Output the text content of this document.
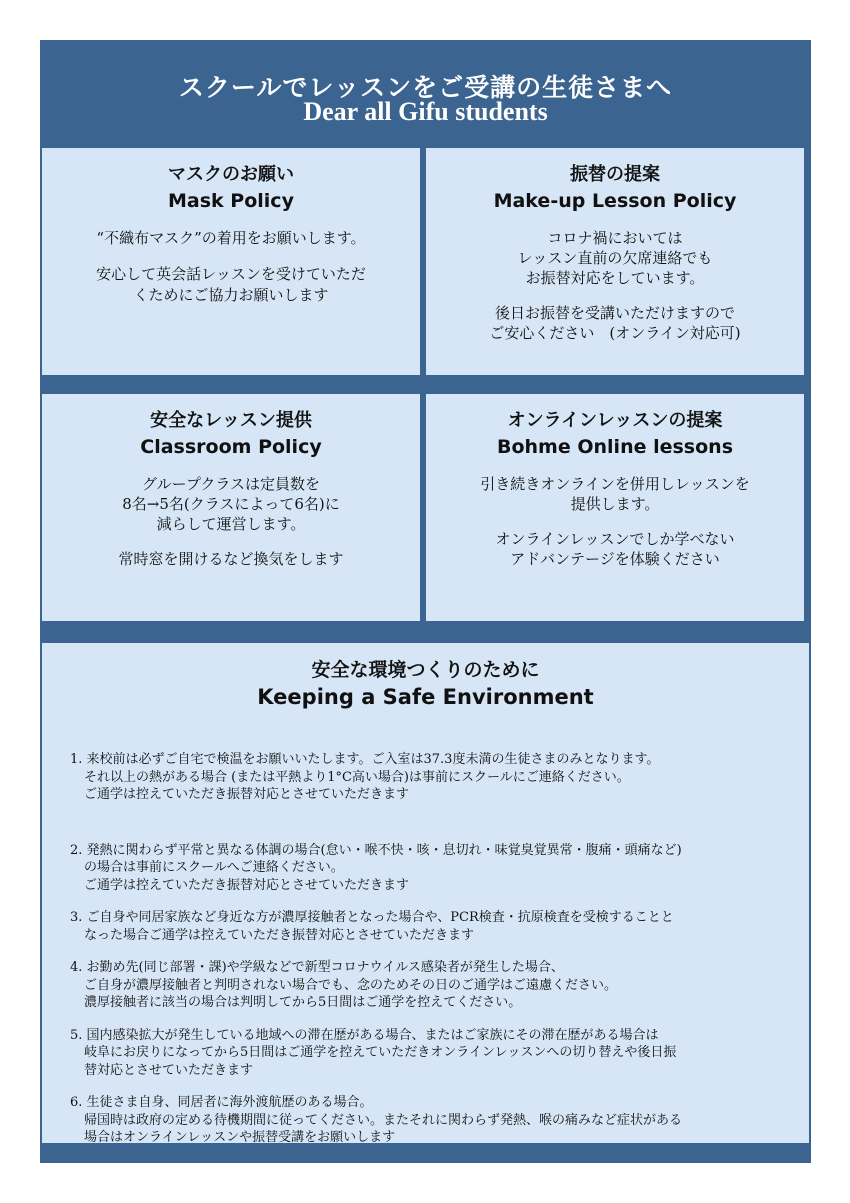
スクールでレッスンをご受講の生徒さまへ
Dear all Gifu students
マスクのお願い
Mask Policy

“不織布マスク”の着用をお願いします。

安心して英会話レッスンを受けていただ
くためにご協力お願いします

振替の提案
Make-up Lesson Policy

コロナ禍においては
レッスン直前の欠席連絡でも
お振替対応をしています。

後日お振替を受講いただけますので
ご安心ください　(オンライン対応可)

安全なレッスン提供
Classroom Policy

グループクラスは定員数を
8名→5名(クラスによって6名)に
減らして運営します。

常時窓を開けるなど換気をします

オンラインレッスンの提案
Bohme Online lessons

引き続きオンラインを併用しレッスンを
提供します。

オンラインレッスンでしか学べない
アドバンテージを体験ください

安全な環境つくりのために
Keeping a Safe Environment
1. 来校前は必ずご自宅で検温をお願いいたします。ご入室は37.3度未満の生徒さまのみとなります。
それ以上の熱がある場合 (または平熱より1°C高い場合)は事前にスクールにご連絡ください。
ご通学は控えていただき振替対応とさせていただきます
2. 発熱に関わらず平常と異なる体調の場合(怠い・喉不快・咳・息切れ・味覚臭覚異常・腹痛・頭痛など)
の場合は事前にスクールへご連絡ください。
ご通学は控えていただき振替対応とさせていただきます
3. ご自身や同居家族など身近な方が濃厚接触者となった場合や、PCR検査・抗原検査を受検することと
なった場合ご通学は控えていただき振替対応とさせていただきます
4. お勤め先(同じ部署・課)や学級などで新型コロナウイルス感染者が発生した場合、
ご自身が濃厚接触者と判明されない場合でも、念のためその日のご通学はご遠慮ください。
濃厚接触者に該当の場合は判明してから5日間はご通学を控えてください。
5. 国内感染拡大が発生している地域への滞在歴がある場合、またはご家族にその滞在歴がある場合は
岐阜にお戻りになってから5日間はご通学を控えていただきオンラインレッスンへの切り替えや後日振
替対応とさせていただきます
6. 生徒さま自身、同居者に海外渡航歴のある場合。
帰国時は政府の定める待機期間に従ってください。またそれに関わらず発熱、喉の痛みなど症状がある
場合はオンラインレッスンや振替受講をお願いします
